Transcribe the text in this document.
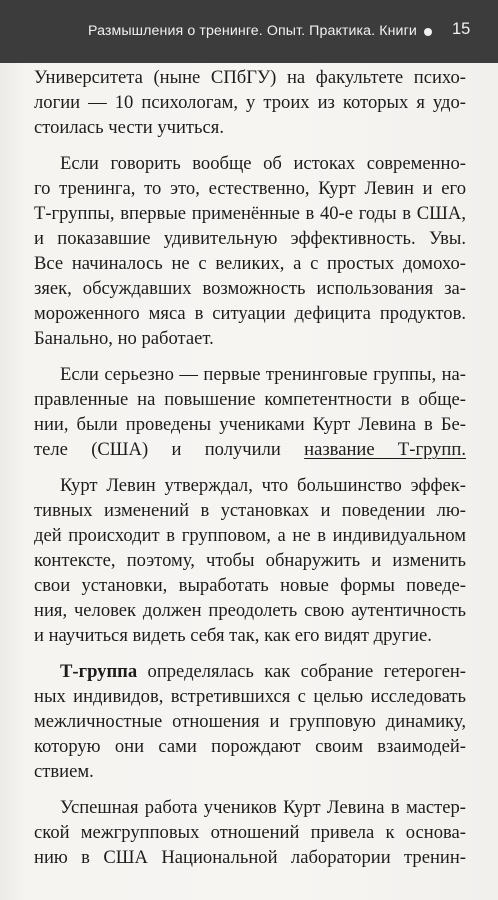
Размышления о тренинге. Опыт. Практика. Книги 15
Университета (ныне СПбГУ) на факультете психо-
логии — 10 психологам, у троих из которых я удо-
стоилась чести учиться.
Если говорить вообще об истоках современно-
го тренинга, то это, естественно, Курт Левин и его
Т-группы, впервые применённые в 40-е годы в США,
и показавшие удивительную эффективность. Увы.
Все начиналось не с великих, а с простых домохо-
зяек, обсуждавших возможность использования за-
мороженного мяса в ситуации дефицита продуктов.
Банально, но работает.
Если серьезно — первые тренинговые группы, на-
правленные на повышение компетентности в обще-
нии, были проведены учениками Курт Левина в Бе-
теле (США) и получили название Т-групп.
Курт Левин утверждал, что большинство эффек-
тивных изменений в установках и поведении лю-
дей происходит в групповом, а не в индивидуальном
контексте, поэтому, чтобы обнаружить и изменить
свои установки, выработать новые формы поведе-
ния, человек должен преодолеть свою аутентичность
и научиться видеть себя так, как его видят другие.
Т-группа определялась как собрание гетероген-
ных индивидов, встретившихся с целью исследовать
межличностные отношения и групповую динамику,
которую они сами порождают своим взаимодей-
ствием.
Успешная работа учеников Курт Левина в мастер-
ской межгрупповых отношений привела к основа-
нию в США Национальной лаборатории тренин-
